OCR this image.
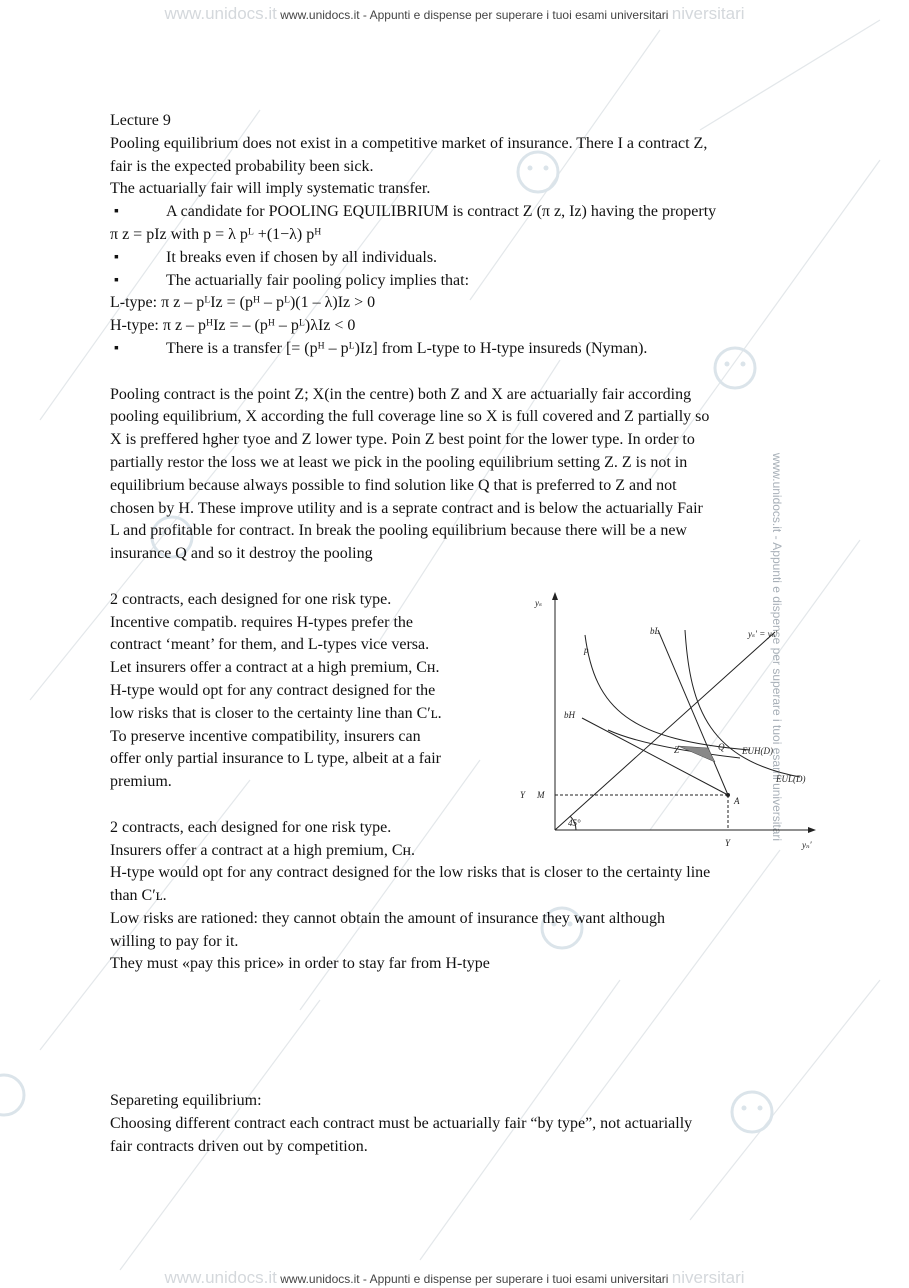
www.unidocs.it www.unidocs.it - Appunti e dispense per superare i tuoi esami universitari niversitari
www.unidocs.it - Appunti e dispense per superare i tuoi esami universitari

Lecture 9

Pooling equilibrium does not exist in a competitive market of insurance. There I a contract Z,

fair is the expected probability been sick.

The actuarially fair will imply systematic transfer.

▪ A candidate for POOLING EQUILIBRIUM is contract Z (π z, Iz) having the property

π z = pIz with p = λ pᴸ +(1−λ) pᴴ

▪ It breaks even if chosen by all individuals.

▪ The actuarially fair pooling policy implies that:

L-type: π z – pᴸIz = (pᴴ – pᴸ)(1 – λ)Iz > 0

H-type: π z – pᴴIz = – (pᴴ – pᴸ)λIz < 0

▪ There is a transfer [= (pᴴ – pᴸ)Iz] from L-type to H-type insureds (Nyman).

Pooling contract is the point Z; X(in the centre) both Z and X are actuarially fair according

pooling equilibrium, X according the full coverage line so X is full covered and Z partially so

X is preffered hgher tyoe and Z lower type. Poin Z best point for the lower type. In order to

partially restor the loss we at least we pick in the pooling equilibrium setting Z. Z is not in

equilibrium because always possible to find solution like Q that is preferred to Z and not

chosen by H. These improve utility and is a seprate contract and is below the actuarially Fair

L and profitable for contract. In break the pooling equilibrium because there will be a new

insurance Q and so it destroy the pooling

2 contracts, each designed for one risk type.

Incentive compatib. requires H-types prefer the

contract ‘meant’ for them, and L-types vice versa.

Let insurers offer a contract at a high premium, Cʜ.

H-type would opt for any contract designed for the

low risks that is closer to the certainty line than C′ʟ.

To preserve incentive compatibility, insurers can

offer only partial insurance to L type, albeit at a fair

premium.

2 contracts, each designed for one risk type.

Insurers offer a contract at a high premium, Cʜ.

H-type would opt for any contract designed for the low risks that is closer to the certainty line

than C′ʟ.

Low risks are rationed: they cannot obtain the amount of insurance they want although

willing to pay for it.

They must «pay this price» in order to stay far from H-type

Separeting equilibrium:

Choosing different contract each contract must be actuarially fair “by type”, not actuarially

fair contracts driven out by competition.

yₛ
yₙ′
yₛ′ = yₙ′
bL
bH
p
Z	Q EUH(D)
EUL(D)
Y M
A
45°
Y
www.unidocs.it www.unidocs.it - Appunti e dispense per superare i tuoi esami universitari niversitari
